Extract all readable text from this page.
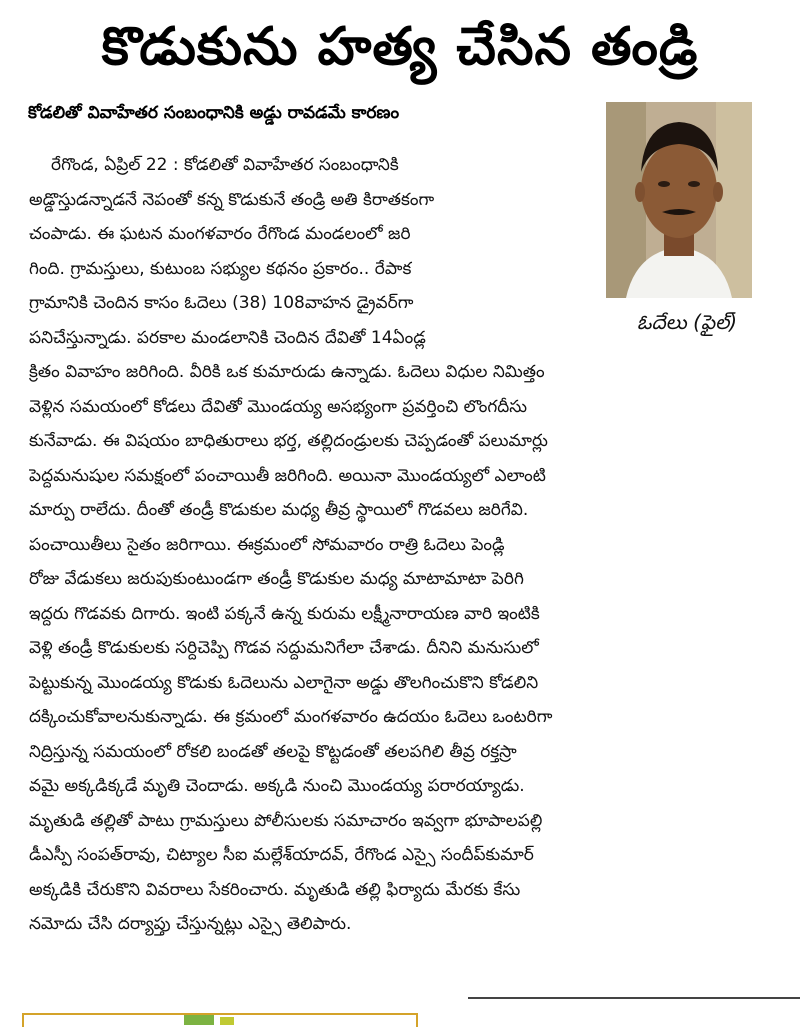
కొడుకును హత్య చేసిన తండ్రి
కోడలితో వివాహేతర సంబంధానికి అడ్డు రావడమే కారణం
ఓదేలు (ఫైల్)
రేగొండ, ఏప్రిల్ 22 : కోడలితో వివాహేతర సంబంధానికి
అడ్డొస్తుడన్నాడనే నెపంతో కన్న కొడుకునే తండ్రి అతి కిరాతకంగా
చంపాడు. ఈ ఘటన మంగళవారం రేగొండ మండలంలో జరి
గింది. గ్రామస్తులు, కుటుంబ సభ్యుల కథనం ప్రకారం.. రేపాక
గ్రామానికి చెందిన కాసం ఓదెలు (38) 108వాహన డ్రైవర్‌గా
పనిచేస్తున్నాడు. పరకాల మండలానికి చెందిన దేవితో 14ఏండ్ల
క్రితం వివాహం జరిగింది. వీరికి ఒక కుమారుడు ఉన్నాడు. ఓదెలు విధుల నిమిత్తం
వెళ్లిన సమయంలో కోడలు దేవితో మొండయ్య అసభ్యంగా ప్రవర్తించి లొంగదీసు
కునేవాడు. ఈ విషయం బాధితురాలు భర్త, తల్లిదండ్రులకు చెప్పడంతో పలుమార్లు
పెద్దమనుషుల సమక్షంలో పంచాయితీ జరిగింది. అయినా మొండయ్యలో ఎలాంటి
మార్పు రాలేదు. దీంతో తండ్రీ కొడుకుల మధ్య తీవ్ర స్థాయిలో గొడవలు జరిగేవి.
పంచాయితీలు సైతం జరిగాయి. ఈక్రమంలో సోమవారం రాత్రి ఓదెలు పెండ్లి
రోజు వేడుకలు జరుపుకుంటుండగా తండ్రీ కొడుకుల మధ్య మాటామాటా పెరిగి
ఇద్దరు గొడవకు దిగారు. ఇంటి పక్కనే ఉన్న కురుమ లక్ష్మీనారాయణ వారి ఇంటికి
వెళ్లి తండ్రీ కొడుకులకు సర్దిచెప్పి గొడవ సద్దుమనిగేలా చేశాడు. దీనిని మనుసులో
పెట్టుకున్న మొండయ్య కొడుకు ఓదెలును ఎలాగైనా అడ్డు తొలగించుకొని కోడలిని
దక్కించుకోవాలనుకున్నాడు. ఈ క్రమంలో మంగళవారం ఉదయం ఓదెలు ఒంటరిగా
నిద్రిస్తున్న సమయంలో రోకలి బండతో తలపై కొట్టడంతో తలపగిలి తీవ్ర రక్తస్రా
వమై అక్కడిక్కడే మృతి చెందాడు. అక్కడి నుంచి మొండయ్య పరారయ్యాడు.
మృతుడి తల్లితో పాటు గ్రామస్తులు పోలీసులకు సమాచారం ఇవ్వగా భూపాలపల్లి
డీఎస్పీ సంపత్‌రావు, చిట్యాల సీఐ మల్లేశ్‌యాదవ్, రేగొండ ఎస్సై సందీప్‌కుమార్
అక్కడికి చేరుకొని వివరాలు సేకరించారు. మృతుడి తల్లి ఫిర్యాదు మేరకు కేసు
నమోదు చేసి దర్యాప్తు చేస్తున్నట్లు ఎస్సై తెలిపారు.
